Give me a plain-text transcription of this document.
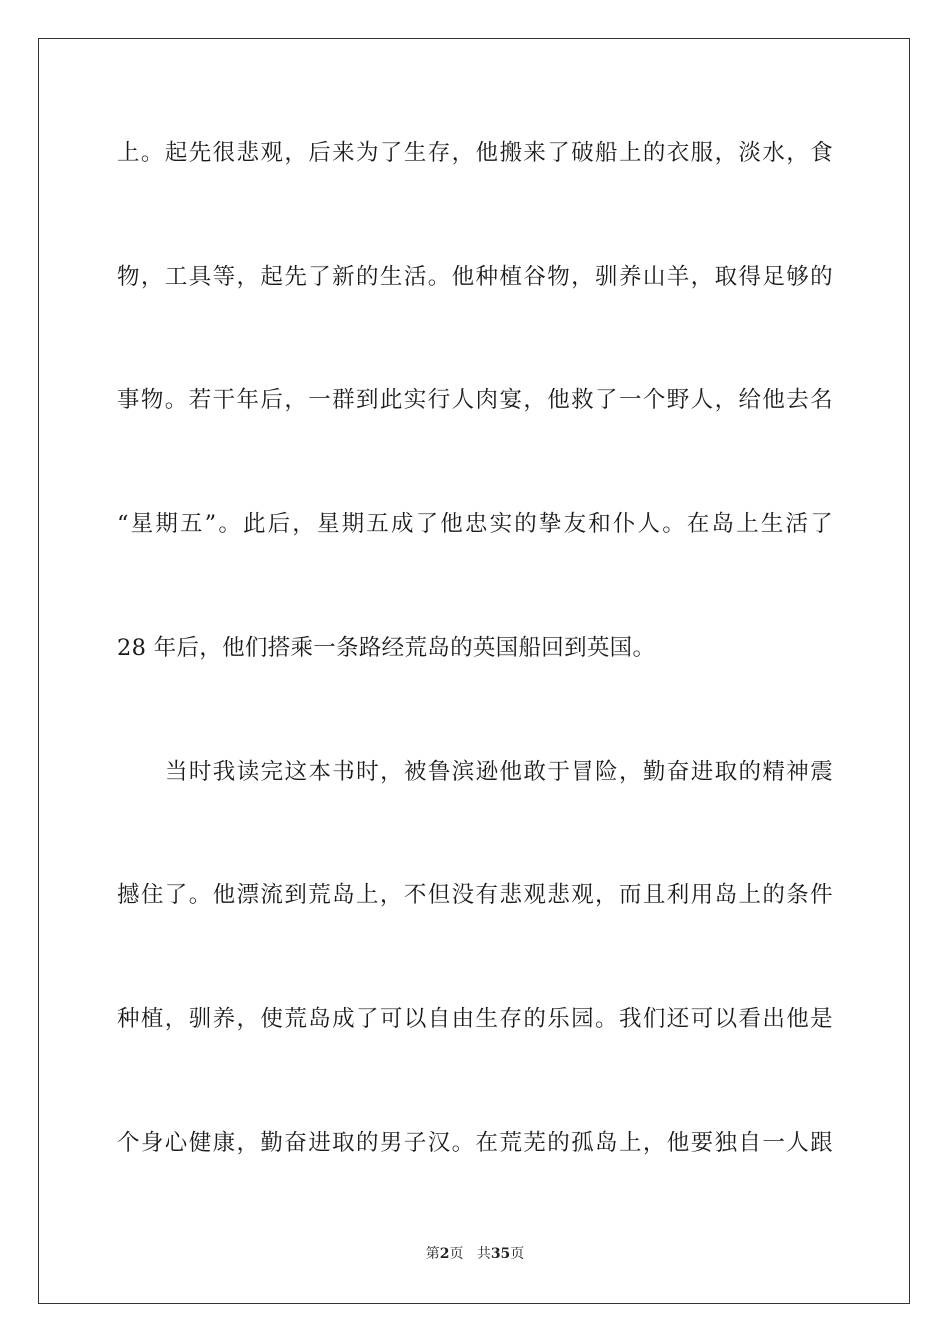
上。起先很悲观，后来为了生存，他搬来了破船上的衣服，淡水，食
物，工具等，起先了新的生活。他种植谷物，驯养山羊，取得足够的
事物。若干年后，一群到此实行人肉宴，他救了一个野人，给他去名
“星期五”。此后，星期五成了他忠实的挚友和仆人。在岛上生活了
28 年后，他们搭乘一条路经荒岛的英国船回到英国。
当时我读完这本书时，被鲁滨逊他敢于冒险，勤奋进取的精神震
撼住了。他漂流到荒岛上，不但没有悲观悲观，而且利用岛上的条件
种植，驯养，使荒岛成了可以自由生存的乐园。我们还可以看出他是
个身心健康，勤奋进取的男子汉。在荒芜的孤岛上，他要独自一人跟
第2页 共35页
